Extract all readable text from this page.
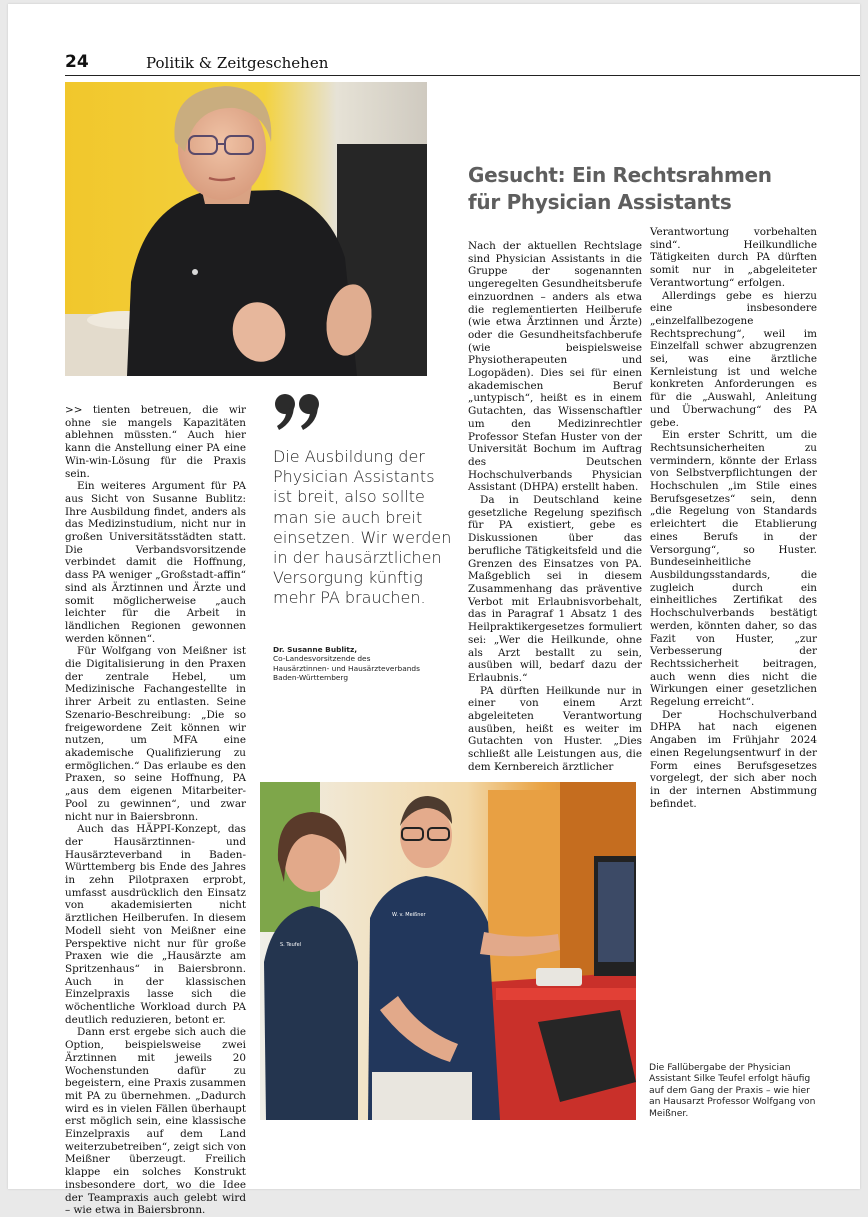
24	Politik & Zeitgeschehen
Gesucht: Ein Rechtsrahmen
für Physician Assistants

>> tienten betreuen, die wir ohne sie mangels Kapazitäten ablehnen müssten.“ Auch hier kann die Anstellung einer PA eine Win-win-Lösung für die Praxis sein.

Ein weiteres Argument für PA aus Sicht von Susanne Bublitz: Ihre Ausbildung findet, anders als das Medizinstudium, nicht nur in großen Universitätsstädten statt. Die Verbandsvorsitzende verbindet damit die Hoffnung, dass PA weniger „Großstadt-affin“ sind als Ärztinnen und Ärzte und somit möglicherweise „auch leichter für die Arbeit in ländlichen Regionen gewonnen werden können“.

Für Wolfgang von Meißner ist die Digitalisierung in den Praxen der zentrale Hebel, um Medizinische Fachangestellte in ihrer Arbeit zu entlasten. Seine Szenario-Beschreibung: „Die so freigewordene Zeit können wir nutzen, um MFA eine akademische Qualifizierung zu ermöglichen.“ Das erlaube es den Praxen, so seine Hoffnung, PA „aus dem eigenen Mitarbeiter-Pool zu gewinnen“, und zwar nicht nur in Baiersbronn.

Auch das HÄPPI-Konzept, das der Hausärztinnen- und Hausärzteverband in Baden-Württemberg bis Ende des Jahres in zehn Pilotpraxen erprobt, umfasst ausdrücklich den Einsatz von akademisierten nicht ärztlichen Heilberufen. In diesem Modell sieht von Meißner eine Perspektive nicht nur für große Praxen wie die „Hausärzte am Spritzenhaus“ in Baiersbronn. Auch in der klassischen Einzelpraxis lasse sich die wöchentliche Workload durch PA deutlich reduzieren, betont er.

Dann erst ergebe sich auch die Option, beispielsweise zwei Ärztinnen mit jeweils 20 Wochenstunden dafür zu begeistern, eine Praxis zusammen mit PA zu übernehmen. „Dadurch wird es in vielen Fällen überhaupt erst möglich sein, eine klassische Einzelpraxis auf dem Land weiterzubetreiben“, zeigt sich von Meißner überzeugt. Freilich klappe ein solches Konstrukt insbesondere dort, wo die Idee der Teampraxis auch gelebt wird – wie etwa in Baiersbronn.

Die Ausbildung der Physician Assistants ist breit, also sollte man sie auch breit einsetzen. Wir werden in der hausärztlichen Versorgung künftig mehr PA brauchen.
Dr. Susanne Bublitz,
Co-Landesvorsitzende des
Hausärztinnen- und Hausärzteverbands
Baden-Württemberg

Nach der aktuellen Rechtslage sind Physician Assistants in die Gruppe der sogenannten ungeregelten Gesundheitsberufe einzuordnen – anders als etwa die reglementierten Heilberufe (wie etwa Ärztinnen und Ärzte) oder die Gesundheitsfachberufe (wie beispielsweise Physiotherapeuten und Logopäden). Dies sei für einen akademischen Beruf „untypisch“, heißt es in einem Gutachten, das Wissenschaftler um den Medizinrechtler Professor Stefan Huster von der Universität Bochum im Auftrag des Deutschen Hochschulverbands Physician Assistant (DHPA) erstellt haben.

Da in Deutschland keine gesetzliche Regelung spezifisch für PA existiert, gebe es Diskussionen über das berufliche Tätigkeitsfeld und die Grenzen des Einsatzes von PA. Maßgeblich sei in diesem Zusammenhang das präventive Verbot mit Erlaubnisvorbehalt, das in Paragraf 1 Absatz 1 des Heilpraktikergesetzes formuliert sei: „Wer die Heilkunde, ohne als Arzt bestallt zu sein, ausüben will, bedarf dazu der Erlaubnis.“

PA dürften Heilkunde nur in einer von einem Arzt abgeleiteten Verantwortung ausüben, heißt es weiter im Gutachten von Huster. „Dies schließt alle Leistungen aus, die dem Kernbereich ärztlicher

Verantwortung vorbehalten sind“. Heilkundliche Tätigkeiten durch PA dürften somit nur in „abgeleiteter Verantwortung“ erfolgen.

Allerdings gebe es hierzu eine insbesondere „einzelfallbezogene Rechtsprechung“, weil im Einzelfall schwer abzugrenzen sei, was eine ärztliche Kernleistung ist und welche konkreten Anforderungen es für die „Auswahl, Anleitung und Überwachung“ des PA gebe.

Ein erster Schritt, um die Rechtsunsicherheiten zu vermindern, könnte der Erlass von Selbstverpflichtungen der Hochschulen „im Stile eines Berufsgesetzes“ sein, denn „die Regelung von Standards erleichtert die Etablierung eines Berufs in der Versorgung“, so Huster. Bundeseinheitliche Ausbildungsstandards, die zugleich durch ein einheitliches Zertifikat des Hochschulverbands bestätigt werden, könnten daher, so das Fazit von Huster, „zur Verbesserung der Rechtssicherheit beitragen, auch wenn dies nicht die Wirkungen einer gesetzlichen Regelung erreicht“.

Der Hochschulverband DHPA hat nach eigenen Angaben im Frühjahr 2024 einen Regelungsentwurf in der Form eines Berufsgesetzes vorgelegt, der sich aber noch in der internen Abstimmung befindet.

S. Teufel
W. v. Meißner
Die Fallübergabe der Physician Assistant Silke Teufel erfolgt häufig auf dem Gang der Praxis – wie hier an Hausarzt Professor Wolfgang von Meißner.
